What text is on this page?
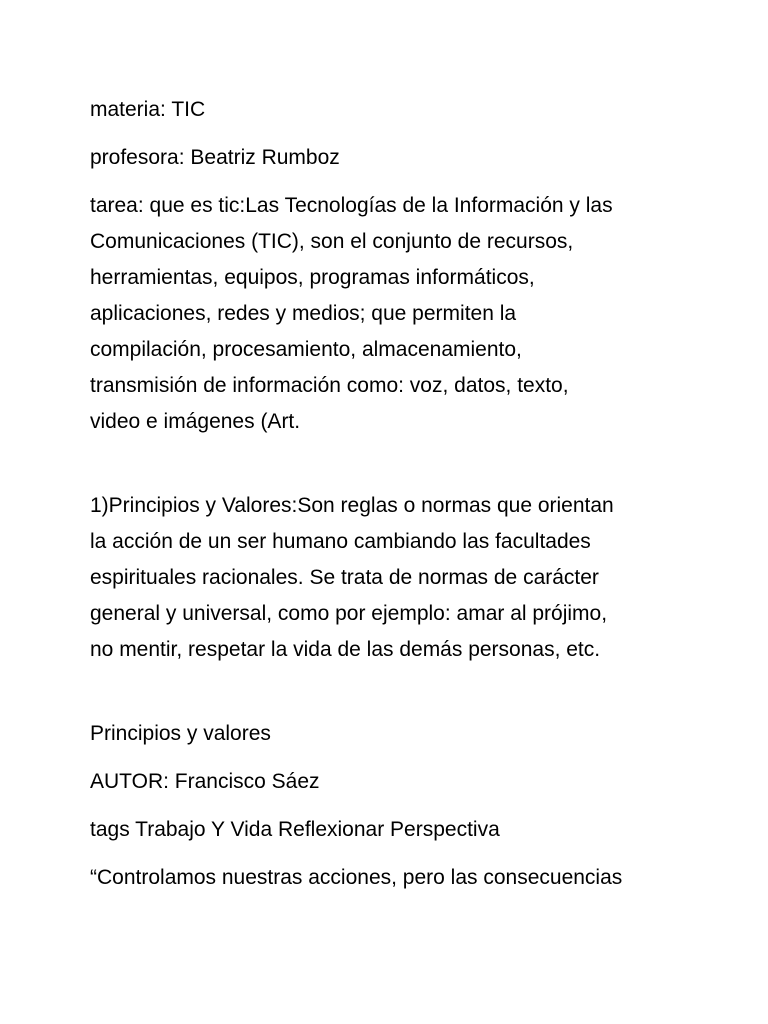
materia: TIC

profesora: Beatriz Rumboz

tarea: que es tic:Las Tecnologías de la Información y las
Comunicaciones (TIC), son el conjunto de recursos,
herramientas, equipos, programas informáticos,
aplicaciones, redes y medios; que permiten la
compilación, procesamiento, almacenamiento,
transmisión de información como: voz, datos, texto,
video e imágenes (Art.

1)Principios y Valores:Son reglas o normas que orientan
la acción de un ser humano cambiando las facultades
espirituales racionales. Se trata de normas de carácter
general y universal, como por ejemplo: amar al prójimo,
no mentir, respetar la vida de las demás personas, etc.

Principios y valores

AUTOR: Francisco Sáez

tags Trabajo Y Vida Reflexionar Perspectiva

“Controlamos nuestras acciones, pero las consecuencias
